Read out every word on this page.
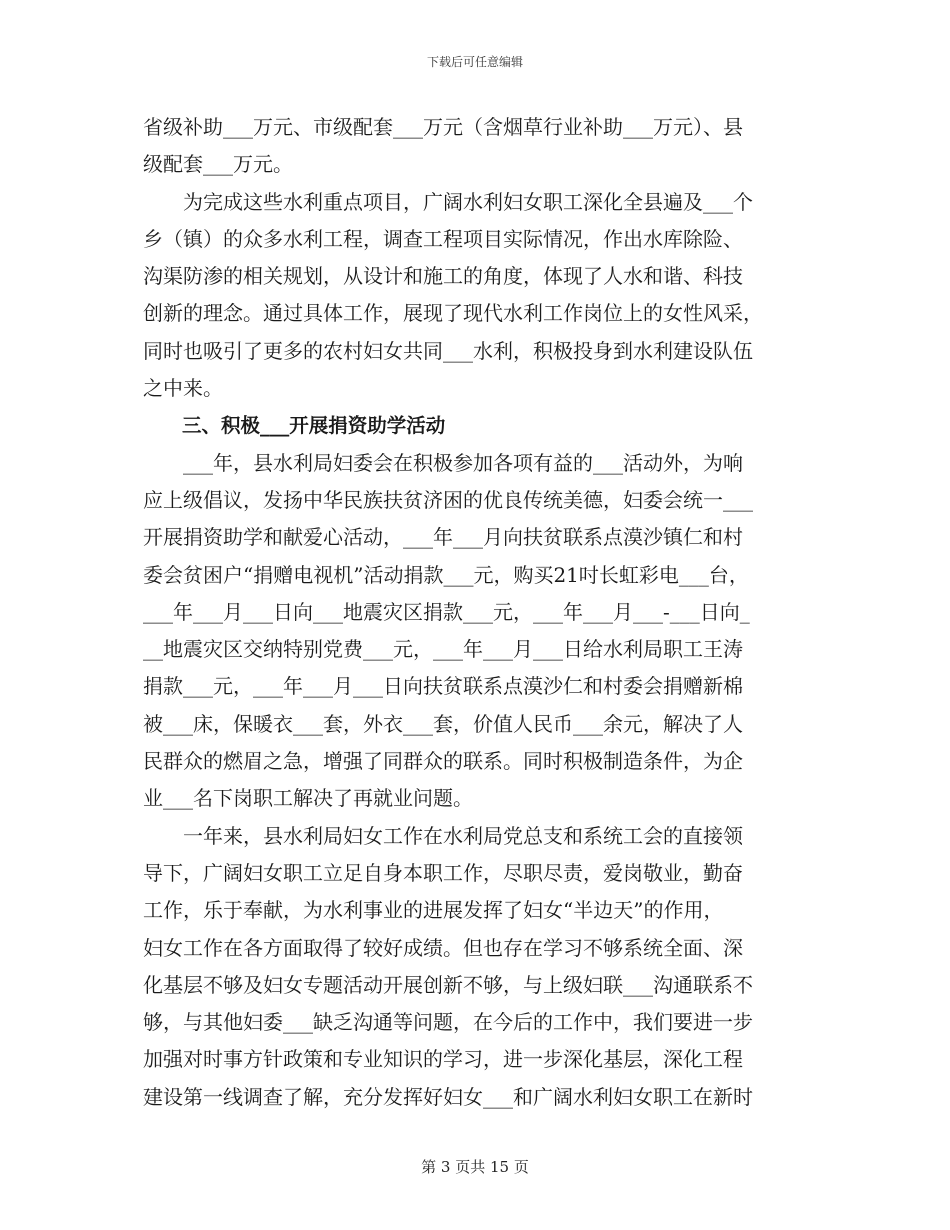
下载后可任意编辑
省级补助___万元、市级配套___万元（含烟草行业补助___万元）、县
级配套___万元。
　　为完成这些水利重点项目，广阔水利妇女职工深化全县遍及___个
乡（镇）的众多水利工程，调查工程项目实际情况，作出水库除险、
沟渠防渗的相关规划，从设计和施工的角度，体现了人水和谐、科技
创新的理念。通过具体工作，展现了现代水利工作岗位上的女性风采，
同时也吸引了更多的农村妇女共同___水利，积极投身到水利建设队伍
之中来。
　　三、积极___开展捐资助学活动
　　___年，县水利局妇委会在积极参加各项有益的___活动外，为响
应上级倡议，发扬中华民族扶贫济困的优良传统美德，妇委会统一___
开展捐资助学和献爱心活动，___年___月向扶贫联系点漠沙镇仁和村
委会贫困户“捐赠电视机”活动捐款___元，购买21吋长虹彩电___台，
___年___月___日向___地震灾区捐款___元，___年___月___-___日向_
__地震灾区交纳特别党费___元，___年___月___日给水利局职工王涛
捐款___元，___年___月___日向扶贫联系点漠沙仁和村委会捐赠新棉
被___床，保暖衣___套，外衣___套，价值人民币___余元，解决了人
民群众的燃眉之急，增强了同群众的联系。同时积极制造条件，为企
业___名下岗职工解决了再就业问题。
　　一年来，县水利局妇女工作在水利局党总支和系统工会的直接领
导下，广阔妇女职工立足自身本职工作，尽职尽责，爱岗敬业，勤奋
工作，乐于奉献，为水利事业的进展发挥了妇女“半边天”的作用，
妇女工作在各方面取得了较好成绩。但也存在学习不够系统全面、深
化基层不够及妇女专题活动开展创新不够，与上级妇联___沟通联系不
够，与其他妇委___缺乏沟通等问题，在今后的工作中，我们要进一步
加强对时事方针政策和专业知识的学习，进一步深化基层，深化工程
建设第一线调查了解，充分发挥好妇女___和广阔水利妇女职工在新时
第 3 页共 15 页
